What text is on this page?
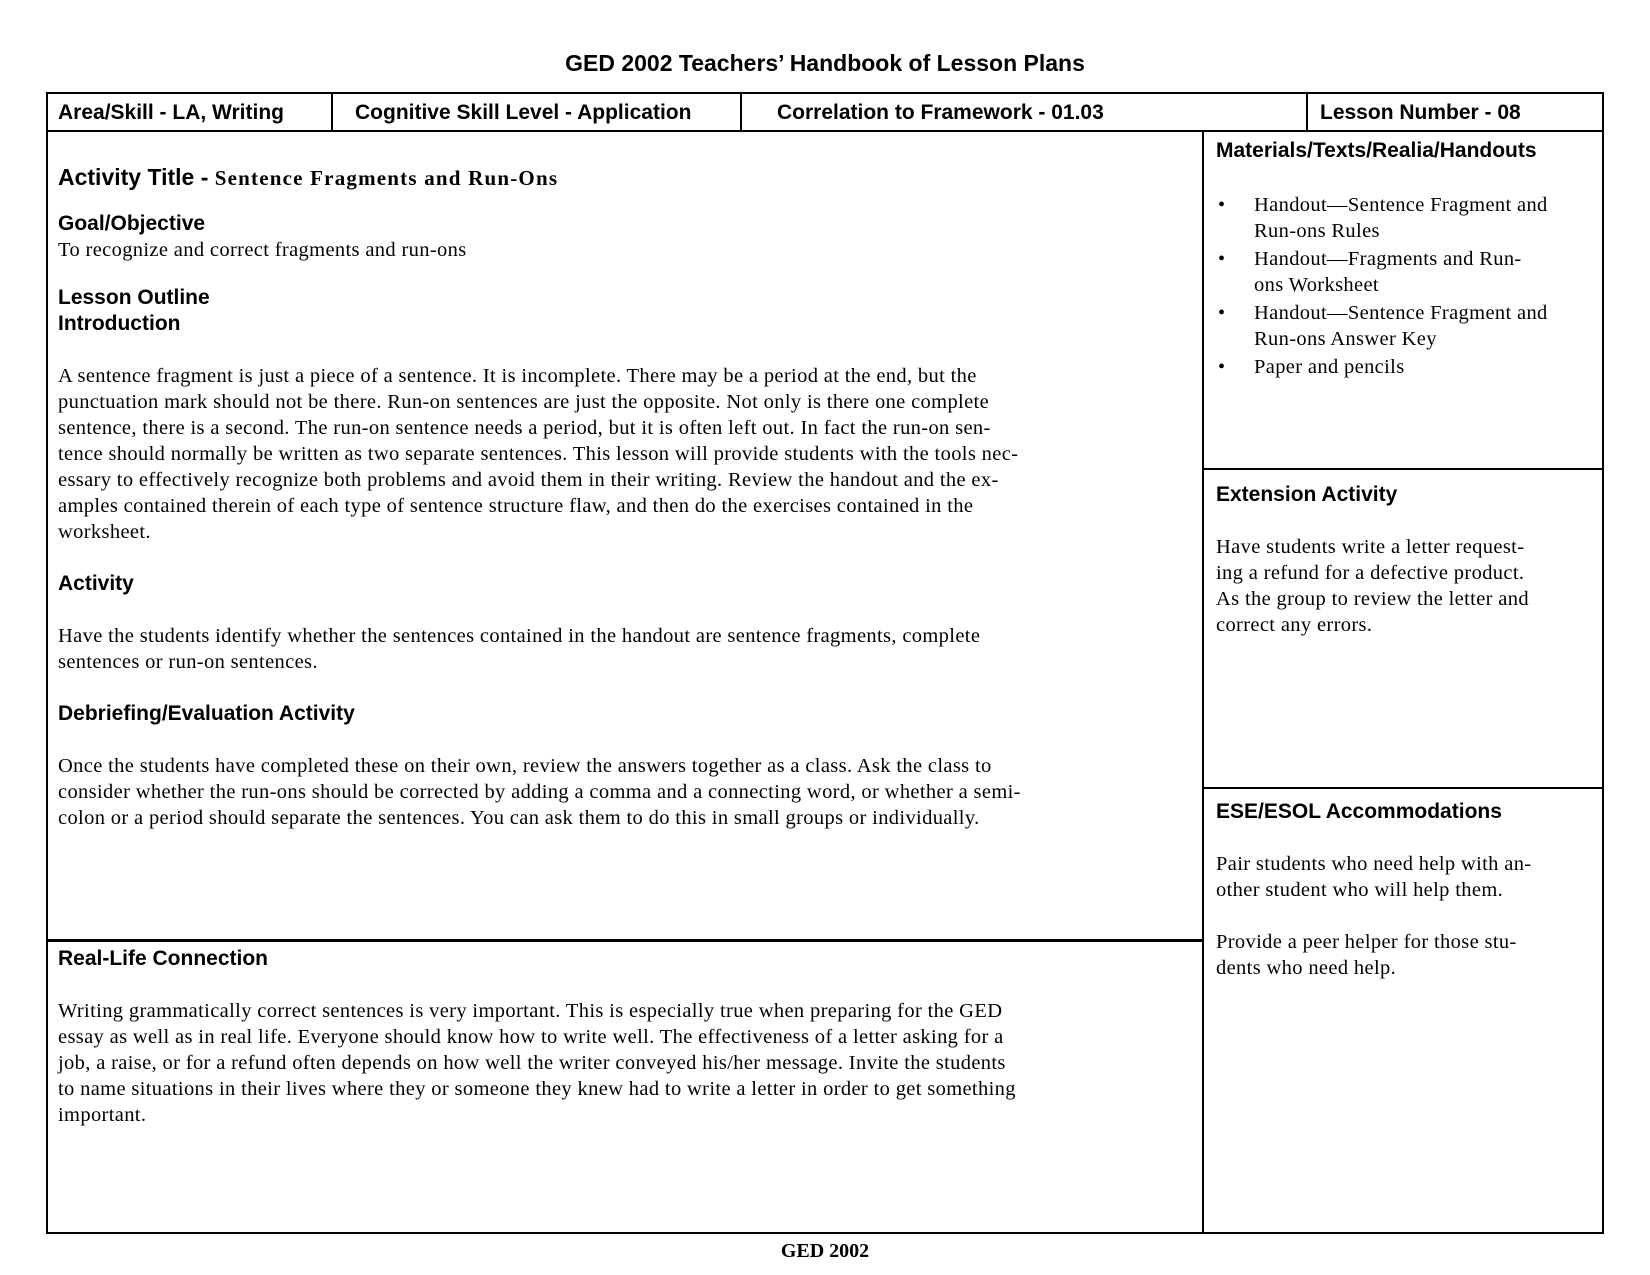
GED 2002 Teachers’ Handbook of Lesson Plans
Area/Skill - LA, Writing	Cognitive Skill Level - Application	Correlation to Framework - 01.03	Lesson Number - 08
Activity Title - Sentence Fragments and Run-Ons

Goal/Objective

To recognize and correct fragments and run-ons

Lesson Outline

Introduction

A sentence fragment is just a piece of a sentence. It is incomplete. There may be a period at the end, but the

punctuation mark should not be there. Run-on sentences are just the opposite. Not only is there one complete

sentence, there is a second. The run-on sentence needs a period, but it is often left out. In fact the run-on sen-

tence should normally be written as two separate sentences. This lesson will provide students with the tools nec-

essary to effectively recognize both problems and avoid them in their writing. Review the handout and the ex-

amples contained therein of each type of sentence structure flaw, and then do the exercises contained in the

worksheet.

Activity

Have the students identify whether the sentences contained in the handout are sentence fragments, complete

sentences or run-on sentences.

Debriefing/Evaluation Activity

Once the students have completed these on their own, review the answers together as a class. Ask the class to

consider whether the run-ons should be corrected by adding a comma and a connecting word, or whether a semi-

colon or a period should separate the sentences. You can ask them to do this in small groups or individually.

Real-Life Connection

Writing grammatically correct sentences is very important. This is especially true when preparing for the GED

essay as well as in real life. Everyone should know how to write well. The effectiveness of a letter asking for a

job, a raise, or for a refund often depends on how well the writer conveyed his/her message. Invite the students

to name situations in their lives where they or someone they knew had to write a letter in order to get something

important.

Materials/Texts/Realia/Handouts

• Handout—Sentence Fragment and
Run-ons Rules
• Handout—Fragments and Run-
ons Worksheet
• Handout—Sentence Fragment and
Run-ons Answer Key
• Paper and pencils

Extension Activity

Have students write a letter request-

ing a refund for a defective product.

As the group to review the letter and

correct any errors.

ESE/ESOL Accommodations

Pair students who need help with an-

other student who will help them.

Provide a peer helper for those stu-

dents who need help.

GED 2002
